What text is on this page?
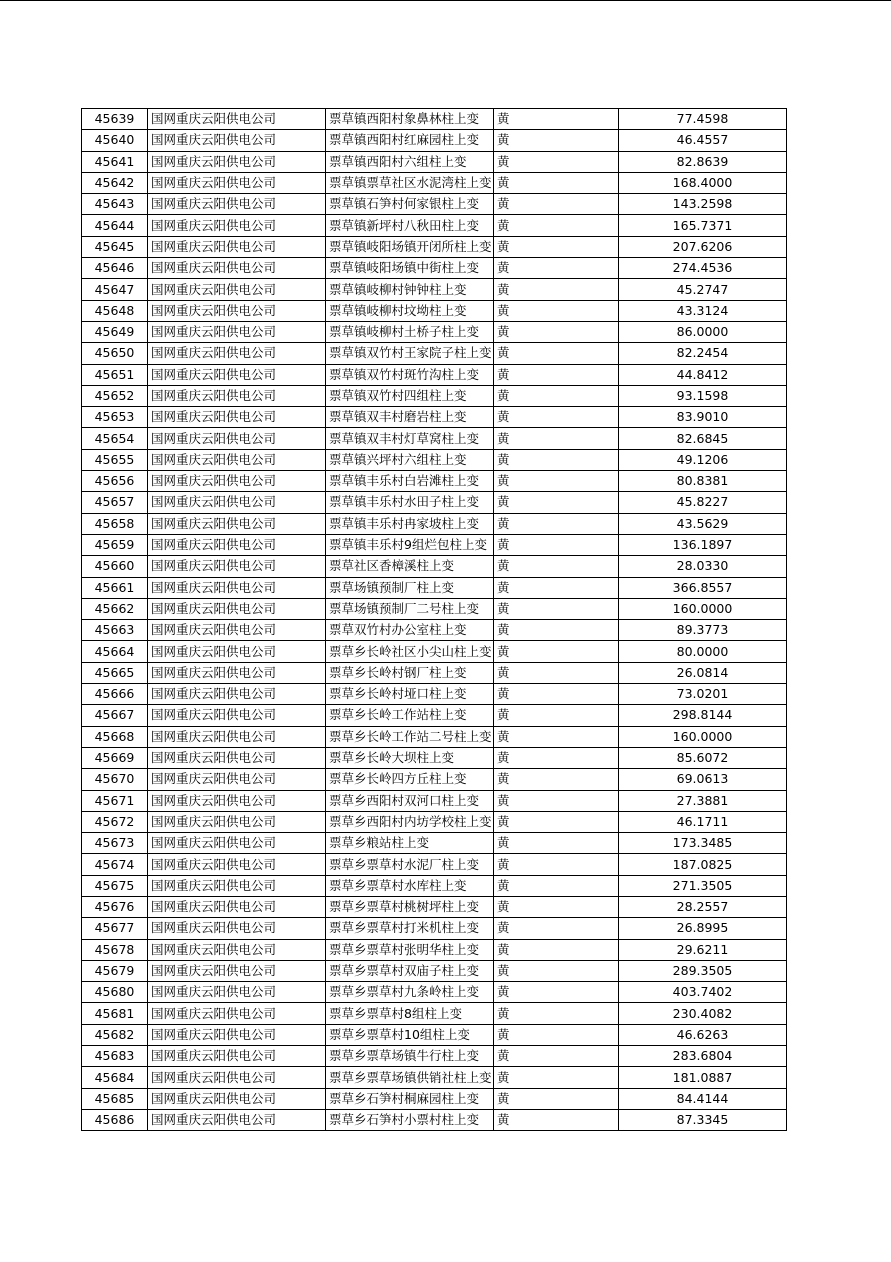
45639	国网重庆云阳供电公司	票草镇西阳村象鼻林柱上变	黄	77.4598
45640	国网重庆云阳供电公司	票草镇西阳村红麻园柱上变	黄	46.4557
45641	国网重庆云阳供电公司	票草镇西阳村六组柱上变	黄	82.8639
45642	国网重庆云阳供电公司	票草镇票草社区水泥湾柱上变	黄	168.4000
45643	国网重庆云阳供电公司	票草镇石笋村何家银柱上变	黄	143.2598
45644	国网重庆云阳供电公司	票草镇新坪村八秋田柱上变	黄	165.7371
45645	国网重庆云阳供电公司	票草镇岐阳场镇开闭所柱上变	黄	207.6206
45646	国网重庆云阳供电公司	票草镇岐阳场镇中街柱上变	黄	274.4536
45647	国网重庆云阳供电公司	票草镇岐柳村钟钟柱上变	黄	45.2747
45648	国网重庆云阳供电公司	票草镇岐柳村坟坳柱上变	黄	43.3124
45649	国网重庆云阳供电公司	票草镇岐柳村土桥子柱上变	黄	86.0000
45650	国网重庆云阳供电公司	票草镇双竹村王家院子柱上变	黄	82.2454
45651	国网重庆云阳供电公司	票草镇双竹村斑竹沟柱上变	黄	44.8412
45652	国网重庆云阳供电公司	票草镇双竹村四组柱上变	黄	93.1598
45653	国网重庆云阳供电公司	票草镇双丰村磨岩柱上变	黄	83.9010
45654	国网重庆云阳供电公司	票草镇双丰村灯草窝柱上变	黄	82.6845
45655	国网重庆云阳供电公司	票草镇兴坪村六组柱上变	黄	49.1206
45656	国网重庆云阳供电公司	票草镇丰乐村白岩滩柱上变	黄	80.8381
45657	国网重庆云阳供电公司	票草镇丰乐村水田子柱上变	黄	45.8227
45658	国网重庆云阳供电公司	票草镇丰乐村冉家坡柱上变	黄	43.5629
45659	国网重庆云阳供电公司	票草镇丰乐村9组烂包柱上变	黄	136.1897
45660	国网重庆云阳供电公司	票草社区香樟溪柱上变	黄	28.0330
45661	国网重庆云阳供电公司	票草场镇预制厂柱上变	黄	366.8557
45662	国网重庆云阳供电公司	票草场镇预制厂二号柱上变	黄	160.0000
45663	国网重庆云阳供电公司	票草双竹村办公室柱上变	黄	89.3773
45664	国网重庆云阳供电公司	票草乡长岭社区小尖山柱上变	黄	80.0000
45665	国网重庆云阳供电公司	票草乡长岭村钢厂柱上变	黄	26.0814
45666	国网重庆云阳供电公司	票草乡长岭村垭口柱上变	黄	73.0201
45667	国网重庆云阳供电公司	票草乡长岭工作站柱上变	黄	298.8144
45668	国网重庆云阳供电公司	票草乡长岭工作站二号柱上变	黄	160.0000
45669	国网重庆云阳供电公司	票草乡长岭大坝柱上变	黄	85.6072
45670	国网重庆云阳供电公司	票草乡长岭四方丘柱上变	黄	69.0613
45671	国网重庆云阳供电公司	票草乡西阳村双河口柱上变	黄	27.3881
45672	国网重庆云阳供电公司	票草乡西阳村内坊学校柱上变	黄	46.1711
45673	国网重庆云阳供电公司	票草乡粮站柱上变	黄	173.3485
45674	国网重庆云阳供电公司	票草乡票草村水泥厂柱上变	黄	187.0825
45675	国网重庆云阳供电公司	票草乡票草村水库柱上变	黄	271.3505
45676	国网重庆云阳供电公司	票草乡票草村桃树坪柱上变	黄	28.2557
45677	国网重庆云阳供电公司	票草乡票草村打米机柱上变	黄	26.8995
45678	国网重庆云阳供电公司	票草乡票草村张明华柱上变	黄	29.6211
45679	国网重庆云阳供电公司	票草乡票草村双庙子柱上变	黄	289.3505
45680	国网重庆云阳供电公司	票草乡票草村九条岭柱上变	黄	403.7402
45681	国网重庆云阳供电公司	票草乡票草村8组柱上变	黄	230.4082
45682	国网重庆云阳供电公司	票草乡票草村10组柱上变	黄	46.6263
45683	国网重庆云阳供电公司	票草乡票草场镇牛行柱上变	黄	283.6804
45684	国网重庆云阳供电公司	票草乡票草场镇供销社柱上变	黄	181.0887
45685	国网重庆云阳供电公司	票草乡石笋村桐麻园柱上变	黄	84.4144
45686	国网重庆云阳供电公司	票草乡石笋村小票村柱上变	黄	87.3345
